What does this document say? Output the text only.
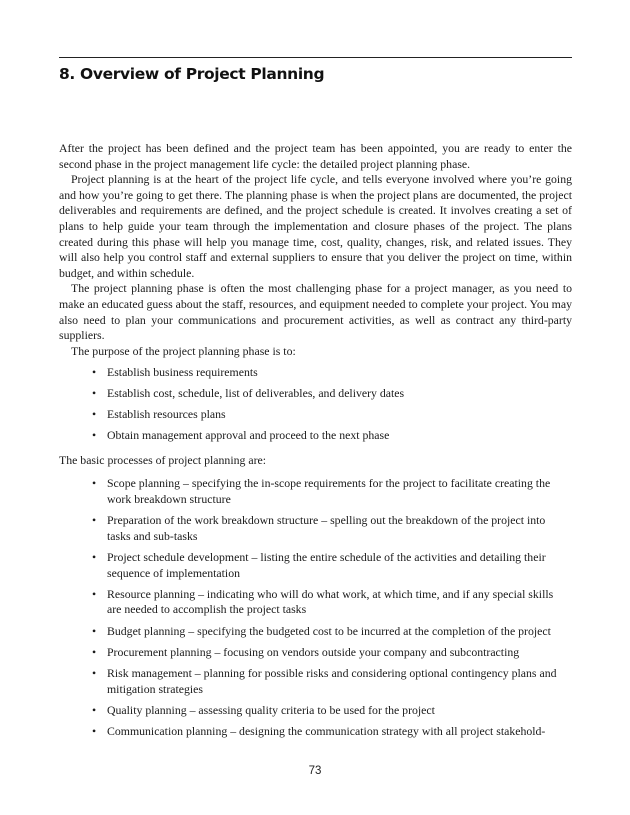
8. Overview of Project Planning

After the project has been defined and the project team has been appointed, you are ready to enter the second phase in the project management life cycle: the detailed project planning phase.

Project planning is at the heart of the project life cycle, and tells everyone involved where you’re going and how you’re going to get there. The planning phase is when the project plans are documented, the project deliverables and requirements are defined, and the project schedule is created. It involves creating a set of plans to help guide your team through the implementation and closure phases of the project. The plans created during this phase will help you manage time, cost, quality, changes, risk, and related issues. They will also help you control staff and external suppliers to ensure that you deliver the project on time, within budget, and within schedule.

The project planning phase is often the most challenging phase for a project manager, as you need to make an educated guess about the staff, resources, and equipment needed to complete your project. You may also need to plan your communications and procurement activities, as well as contract any third-party suppliers.

The purpose of the project planning phase is to:

• Establish business requirements
• Establish cost, schedule, list of deliverables, and delivery dates
• Establish resources plans
• Obtain management approval and proceed to the next phase

The basic processes of project planning are:

• Scope planning – specifying the in-scope requirements for the project to facilitate creating the work breakdown structure
• Preparation of the work breakdown structure – spelling out the breakdown of the project into tasks and sub-tasks
• Project schedule development – listing the entire schedule of the activities and detailing their sequence of implementation
• Resource planning – indicating who will do what work, at which time, and if any special skills are needed to accomplish the project tasks
• Budget planning – specifying the budgeted cost to be incurred at the completion of the project
• Procurement planning – focusing on vendors outside your company and subcontracting
• Risk management – planning for possible risks and considering optional contingency plans and mitigation strategies
• Quality planning – assessing quality criteria to be used for the project
• Communication planning – designing the communication strategy with all project stakehold-
73
